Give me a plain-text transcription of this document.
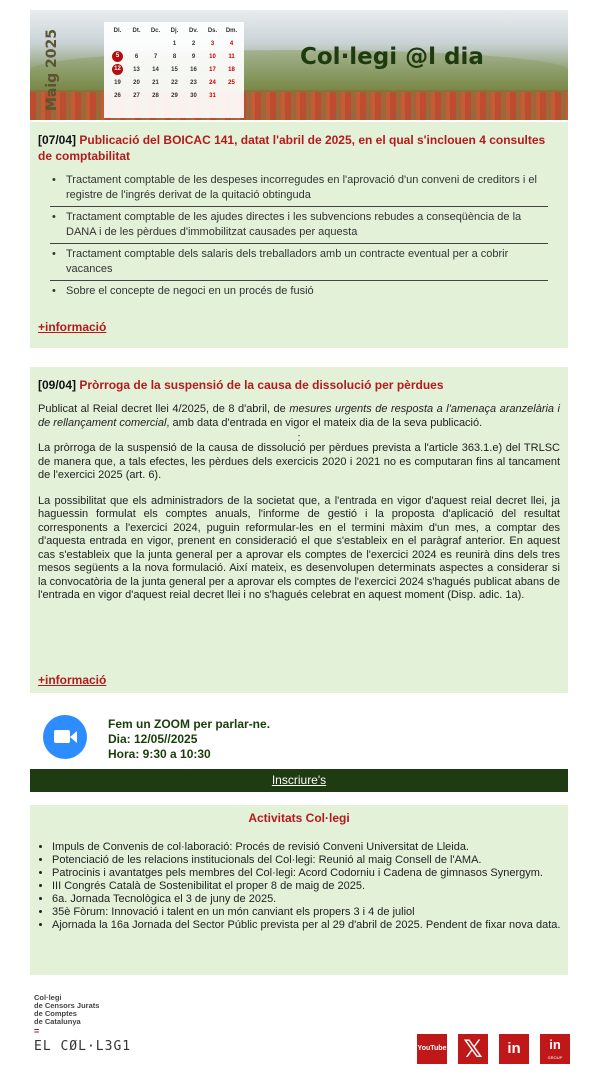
Maig 2025	Dl.	Dt.	Dc.	Dj.	Dv.	Ds.	Dm.
			1	2	3	4
5	6	7	8	9	10	11
12	13	14	15	16	17	18
19	20	21	22	23	24	25
26	27	28	29	30	31	
Col·legi @l dia

[07/04] Publicació del BOICAC 141, datat l'abril de 2025, en el qual s'inclouen 4 consultes de comptabilitat

• Tractament comptable de les despeses incorregudes en l'aprovació d'un conveni de creditors i el registre de l'ingrés derivat de la quitació obtinguda
• Tractament comptable de les ajudes directes i les subvencions rebudes a conseqüència de la DANA i de les pèrdues d'immobilitzat causades per aquesta
• Tractament comptable dels salaris dels treballadors amb un contracte eventual per a cobrir vacances
• Sobre el concepte de negoci en un procés de fusió
+informació

[09/04] Pròrroga de la suspensió de la causa de dissolució per pèrdues

Publicat al Reial decret llei 4/2025, de 8 d'abril, de mesures urgents de resposta a l'amenaça aranzelària i de rellançament comercial, amb data d'entrada en vigor el mateix dia de la seva publicació.

:

La pròrroga de la suspensió de la causa de dissolució per pèrdues prevista a l'article 363.1.e) del TRLSC de manera que, a tals efectes, les pèrdues dels exercicis 2020 i 2021 no es computaran fins al tancament de l'exercici 2025 (art. 6).

La possibilitat que els administradors de la societat que, a l'entrada en vigor d'aquest reial decret llei, ja haguessin formulat els comptes anuals, l'informe de gestió i la proposta d'aplicació del resultat corresponents a l'exercici 2024, puguin reformular-les en el termini màxim d'un mes, a comptar des d'aquesta entrada en vigor, prenent en consideració el que s'estableix en el paràgraf anterior. En aquest cas s'estableix que la junta general per a aprovar els comptes de l'exercici 2024 es reunirà dins dels tres mesos següents a la nova formulació. Així mateix, es desenvolupen determinats aspectes a considerar si la convocatòria de la junta general per a aprovar els comptes de l'exercici 2024 s'hagués publicat abans de l'entrada en vigor d'aquest reial decret llei i no s'hagués celebrat en aquest moment (Disp. adic. 1a).

+informació
Fem un ZOOM per parlar-ne.
Dia: 12/05//2025
Hora: 9:30 a 10:30
Inscriure's

Activitats Col·legi

• Impuls de Convenis de col·laboració: Procés de revisió Conveni Universitat de Lleida.
• Potenciació de les relacions institucionals del Col·legi: Reunió al maig Consell de l'AMA.
• Patrocinis i avantatges pels membres del Col·legi: Acord Codorniu i Cadena de gimnasos Synergym.
• III Congrés Català de Sostenibilitat el proper 8 de maig de 2025.
• 6a. Jornada Tecnològica el 3 de juny de 2025.
• 35è Fòrum: Innovació i talent en un món canviant els propers 3 i 4 de juliol
• Ajornada la 16a Jornada del Sector Públic prevista per al 29 d'abril de 2025. Pendent de fixar nova data.
Col·legi
de Censors Jurats
de Comptes
de Catalunya
=
EL CØL·L3G1	YouTube 𝕏	in	in
GROUP
